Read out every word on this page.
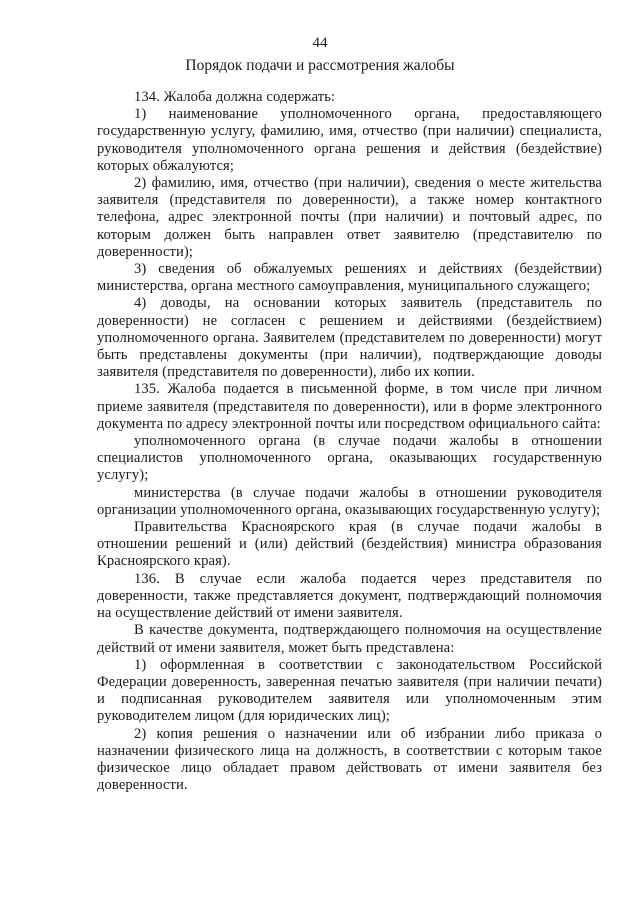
44
Порядок подачи и рассмотрения жалобы

134. Жалоба должна содержать:

1) наименование уполномоченного органа, предоставляющего государственную услугу, фамилию, имя, отчество (при наличии) специалиста, руководителя уполномоченного органа решения и действия (бездействие) которых обжалуются;

2) фамилию, имя, отчество (при наличии), сведения о месте жительства заявителя (представителя по доверенности), а также номер контактного телефона, адрес электронной почты (при наличии) и почтовый адрес, по которым должен быть направлен ответ заявителю (представителю по доверенности);

3) сведения об обжалуемых решениях и действиях (бездействии) министерства, органа местного самоуправления, муниципального служащего;

4) доводы, на основании которых заявитель (представитель по доверенности) не согласен с решением и действиями (бездействием) уполномоченного органа. Заявителем (представителем по доверенности) могут быть представлены документы (при наличии), подтверждающие доводы заявителя (представителя по доверенности), либо их копии.

135. Жалоба подается в письменной форме, в том числе при личном приеме заявителя (представителя по доверенности), или в форме электронного документа по адресу электронной почты или посредством официального сайта:

уполномоченного органа (в случае подачи жалобы в отношении специалистов уполномоченного органа, оказывающих государственную услугу);

министерства (в случае подачи жалобы в отношении руководителя организации уполномоченного органа, оказывающих государственную услугу);

Правительства Красноярского края (в случае подачи жалобы в отношении решений и (или) действий (бездействия) министра образования Красноярского края).

136. В случае если жалоба подается через представителя по доверенности, также представляется документ, подтверждающий полномочия на осуществление действий от имени заявителя.

В качестве документа, подтверждающего полномочия на осуществление действий от имени заявителя, может быть представлена:

1) оформленная в соответствии с законодательством Российской Федерации доверенность, заверенная печатью заявителя (при наличии печати) и подписанная руководителем заявителя или уполномоченным этим руководителем лицом (для юридических лиц);

2) копия решения о назначении или об избрании либо приказа о назначении физического лица на должность, в соответствии с которым такое физическое лицо обладает правом действовать от имени заявителя без доверенности.
